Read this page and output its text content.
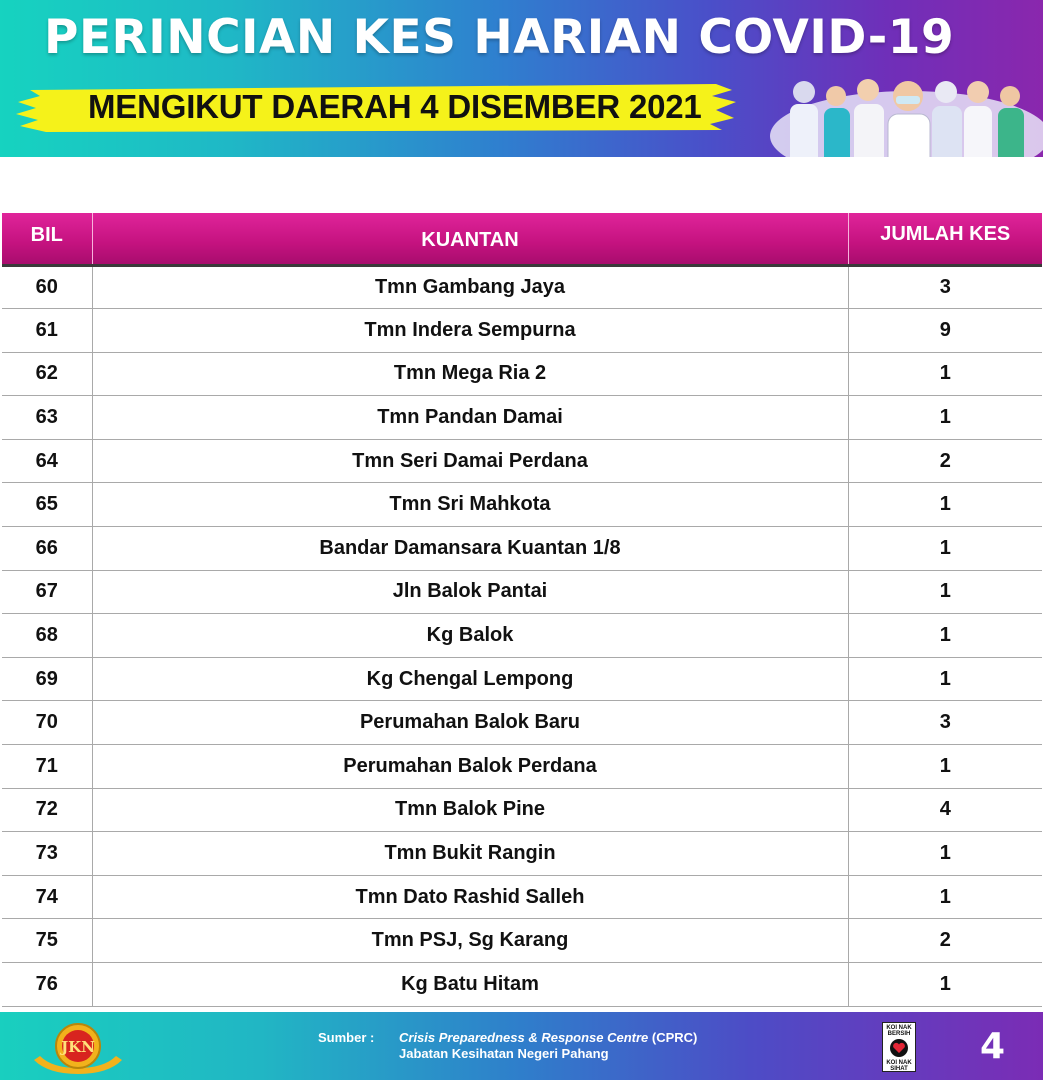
PERINCIAN KES HARIAN COVID-19
MENGIKUT DAERAH 4 DISEMBER 2021
BIL	KUANTAN	JUMLAH KES
60	Tmn Gambang Jaya	3
61	Tmn Indera Sempurna	9
62	Tmn Mega Ria 2	1
63	Tmn Pandan Damai	1
64	Tmn Seri Damai Perdana	2
65	Tmn Sri Mahkota	1
66	Bandar Damansara Kuantan 1/8	1
67	Jln Balok Pantai	1
68	Kg Balok	1
69	Kg Chengal Lempong	1
70	Perumahan Balok Baru	3
71	Perumahan Balok Perdana	1
72	Tmn Balok Pine	4
73	Tmn Bukit Rangin	1
74	Tmn Dato Rashid Salleh	1
75	Tmn PSJ, Sg Karang	2
76	Kg Batu Hitam	1
JKN
Sumber : Crisis Preparedness & Response Centre (CPRC)
Jabatan Kesihatan Negeri Pahang
KOI NAK BERSIH
KOI NAK SIHAT
4
